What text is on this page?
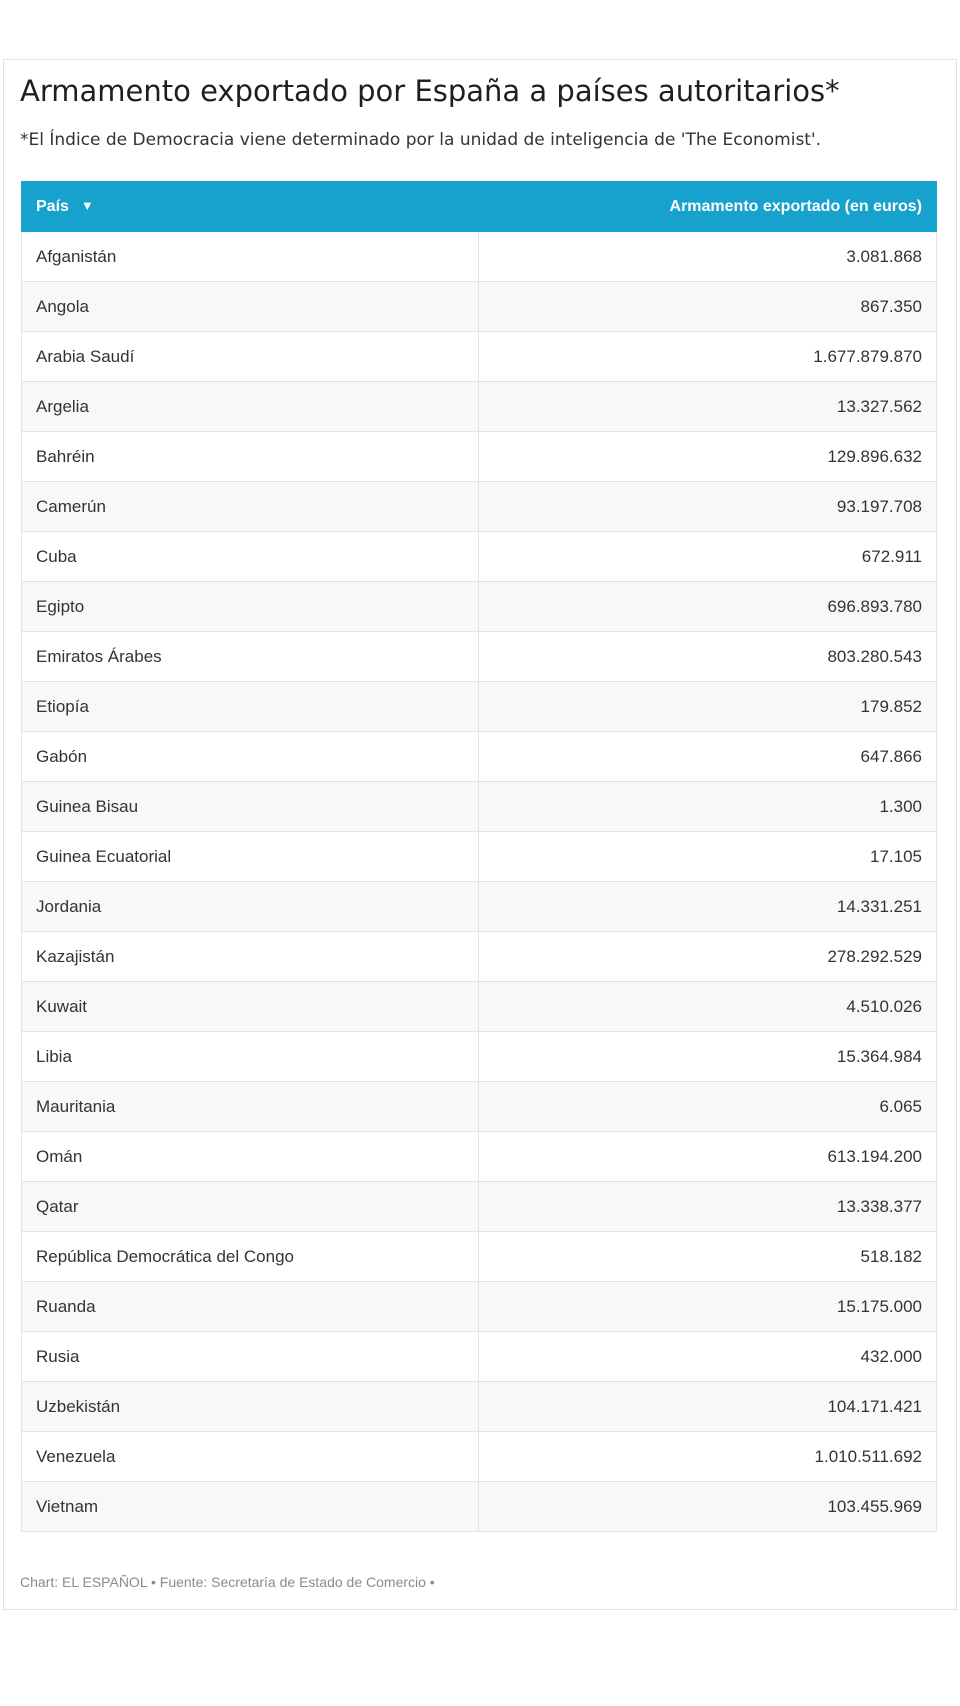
Armamento exportado por España a países autoritarios*

*El Índice de Democracia viene determinado por la unidad de inteligencia de 'The Economist'.

País ▼	Armamento exportado (en euros)
Afganistán	3.081.868
Angola	867.350
Arabia Saudí	1.677.879.870
Argelia	13.327.562
Bahréin	129.896.632
Camerún	93.197.708
Cuba	672.911
Egipto	696.893.780
Emiratos Árabes	803.280.543
Etiopía	179.852
Gabón	647.866
Guinea Bisau	1.300
Guinea Ecuatorial	17.105
Jordania	14.331.251
Kazajistán	278.292.529
Kuwait	4.510.026
Libia	15.364.984
Mauritania	6.065
Omán	613.194.200
Qatar	13.338.377
República Democrática del Congo	518.182
Ruanda	15.175.000
Rusia	432.000
Uzbekistán	104.171.421
Venezuela	1.010.511.692
Vietnam	103.455.969

Chart: EL ESPAÑOL • Fuente: Secretaría de Estado de Comercio •
